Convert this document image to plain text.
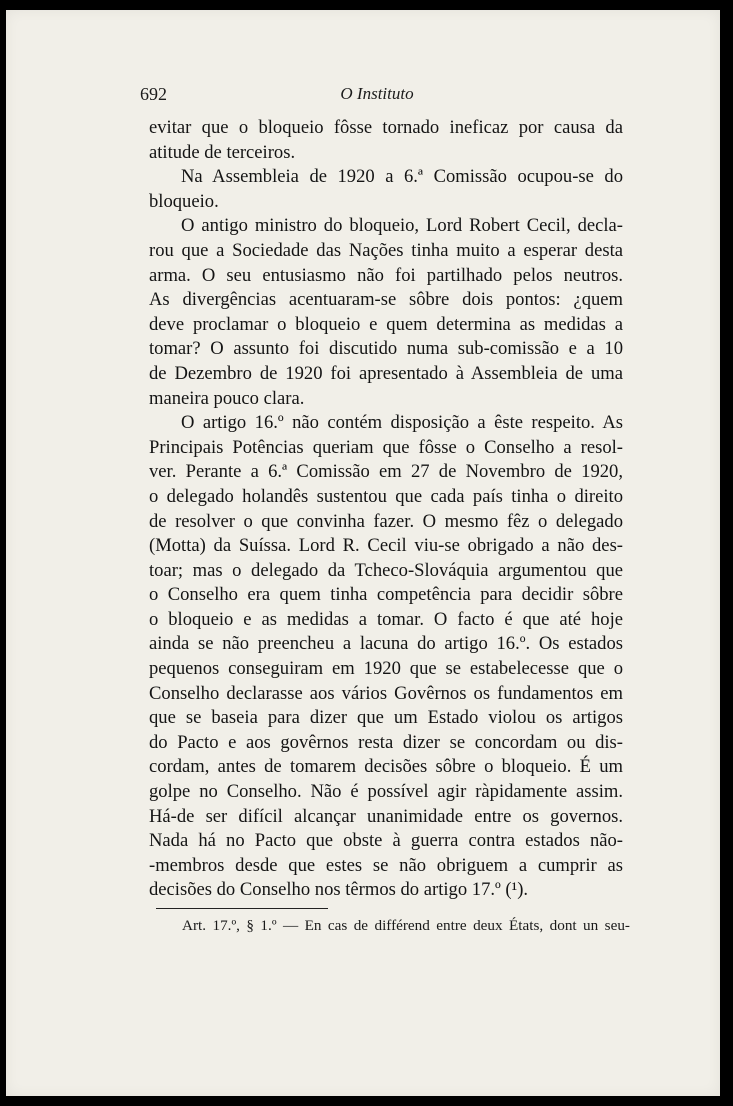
692	O Instituto
evitar que o bloqueio fôsse tornado ineficaz por causa da
atitude de terceiros.
Na Assembleia de 1920 a 6.ª Comissão ocupou-se do
bloqueio.
O antigo ministro do bloqueio, Lord Robert Cecil, decla-
rou que a Sociedade das Nações tinha muito a esperar desta
arma. O seu entusiasmo não foi partilhado pelos neutros.
As divergências acentuaram-se sôbre dois pontos: ¿quem
deve proclamar o bloqueio e quem determina as medidas a
tomar? O assunto foi discutido numa sub-comissão e a 10
de Dezembro de 1920 foi apresentado à Assembleia de uma
maneira pouco clara.
O artigo 16.º não contém disposição a êste respeito. As
Principais Potências queriam que fôsse o Conselho a resol-
ver. Perante a 6.ª Comissão em 27 de Novembro de 1920,
o delegado holandês sustentou que cada país tinha o direito
de resolver o que convinha fazer. O mesmo fêz o delegado
(Motta) da Suíssa. Lord R. Cecil viu-se obrigado a não des-
toar; mas o delegado da Tcheco-Slováquia argumentou que
o Conselho era quem tinha competência para decidir sôbre
o bloqueio e as medidas a tomar. O facto é que até hoje
ainda se não preencheu a lacuna do artigo 16.º. Os estados
pequenos conseguiram em 1920 que se estabelecesse que o
Conselho declarasse aos vários Govêrnos os fundamentos em
que se baseia para dizer que um Estado violou os artigos
do Pacto e aos govêrnos resta dizer se concordam ou dis-
cordam, antes de tomarem decisões sôbre o bloqueio. É um
golpe no Conselho. Não é possível agir ràpidamente assim.
Há-de ser difícil alcançar unanimidade entre os governos.
Nada há no Pacto que obste à guerra contra estados não-
-membros desde que estes se não obriguem a cumprir as
decisões do Conselho nos têrmos do artigo 17.º (¹).
Art. 17.º, § 1.º — En cas de différend entre deux États, dont un seu-
